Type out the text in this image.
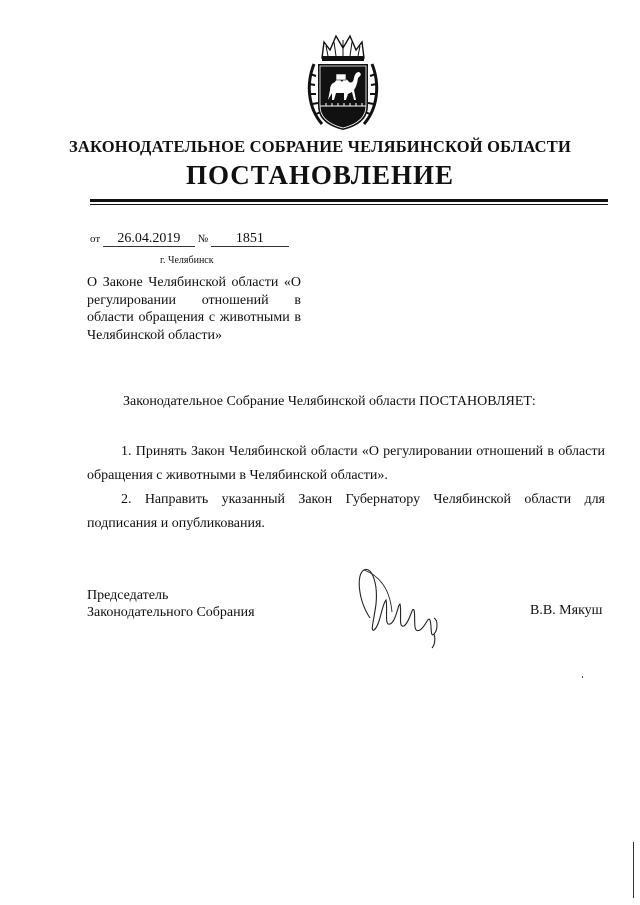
ЗАКОНОДАТЕЛЬНОЕ СОБРАНИЕ ЧЕЛЯБИНСКОЙ ОБЛАСТИ
ПОСТАНОВЛЕНИЕ
от 26.04.2019 № 1851
г. Челябинск
О Законе Челябинской области «О регулировании отношений в области обращения с животными в Челябинской области»
Законодательное Собрание Челябинской области ПОСТАНОВЛЯЕТ:

1. Принять Закон Челябинской области «О регулировании отношений в области обращения с животными в Челябинской области».

2. Направить указанный Закон Губернатору Челябинской области для подписания и опубликования.

Председатель
Законодательного Собрания	В.В. Мякуш
